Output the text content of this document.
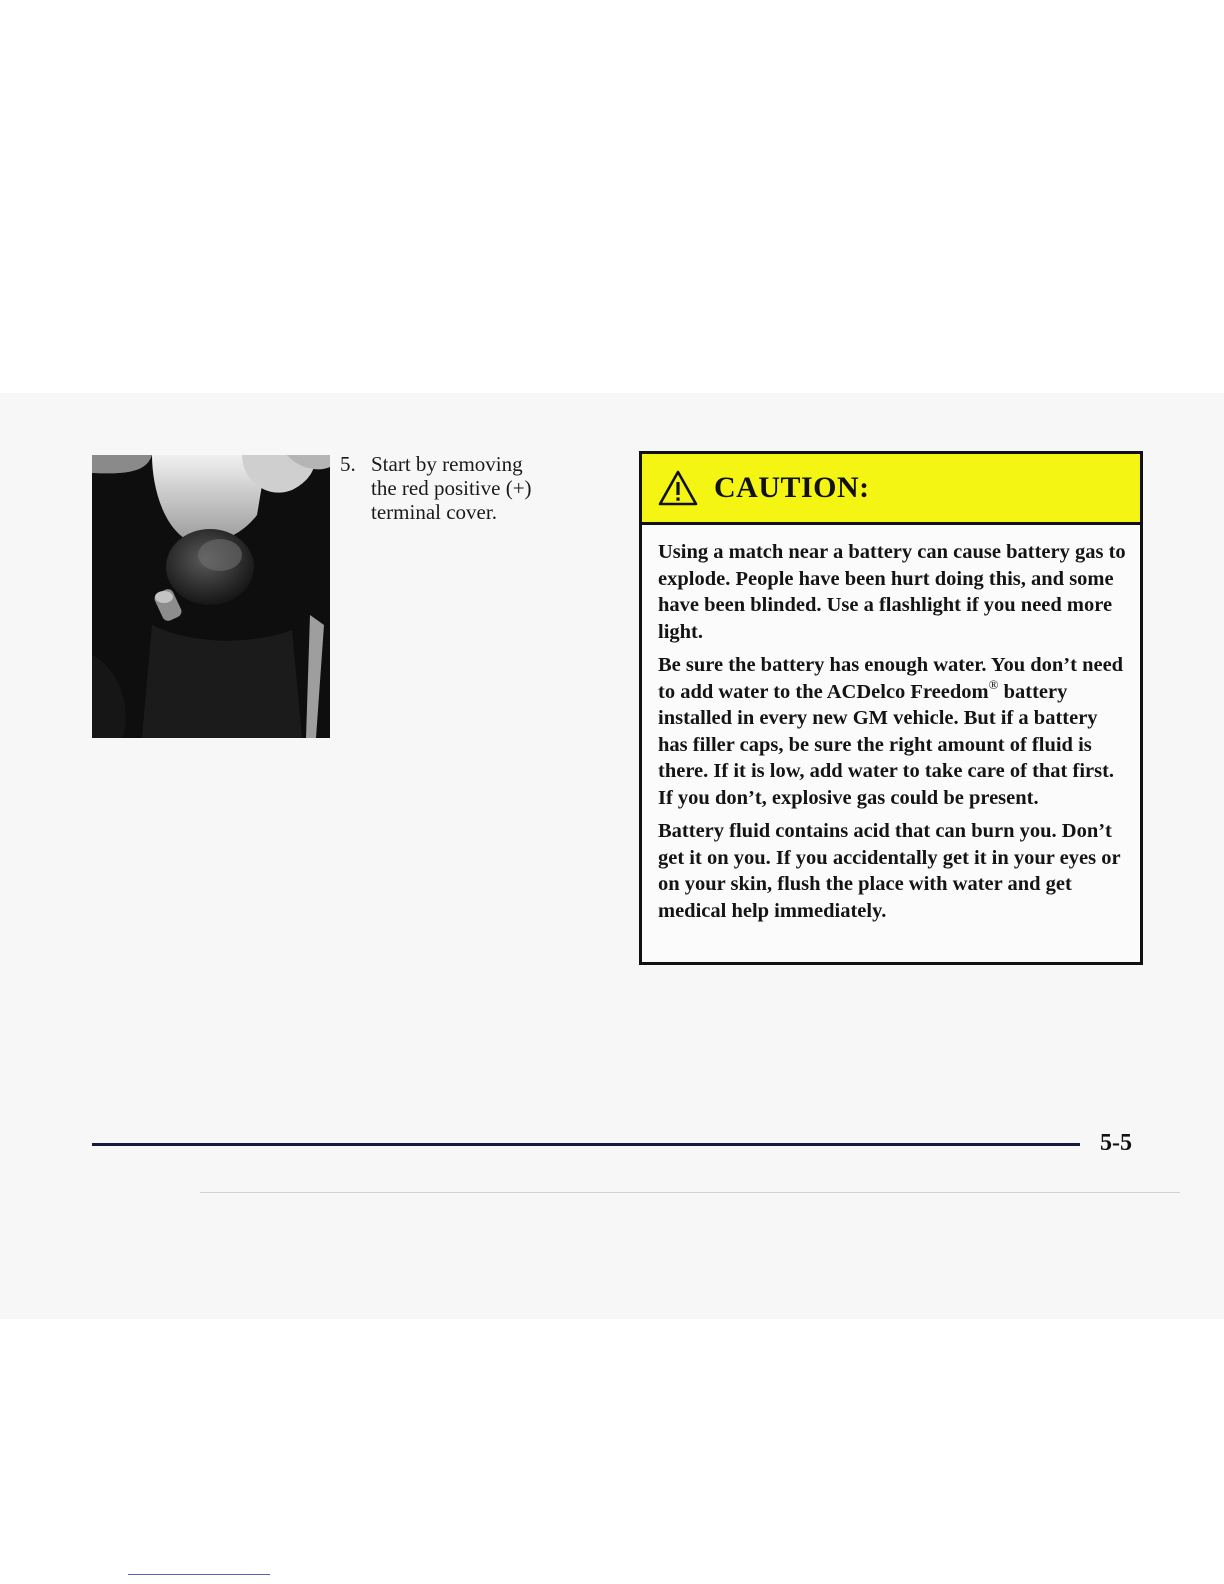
5. Start by removing the red positive (+) terminal cover.
CAUTION:

Using a match near a battery can cause battery gas to explode. People have been hurt doing this, and some have been blinded. Use a flashlight if you need more light.

Be sure the battery has enough water. You don’t need to add water to the ACDelco Freedom® battery installed in every new GM vehicle. But if a battery has filler caps, be sure the right amount of fluid is there. If it is low, add water to take care of that first. If you don’t, explosive gas could be present.

Battery fluid contains acid that can burn you. Don’t get it on you. If you accidentally get it in your eyes or on your skin, flush the place with water and get medical help immediately.

5-5
